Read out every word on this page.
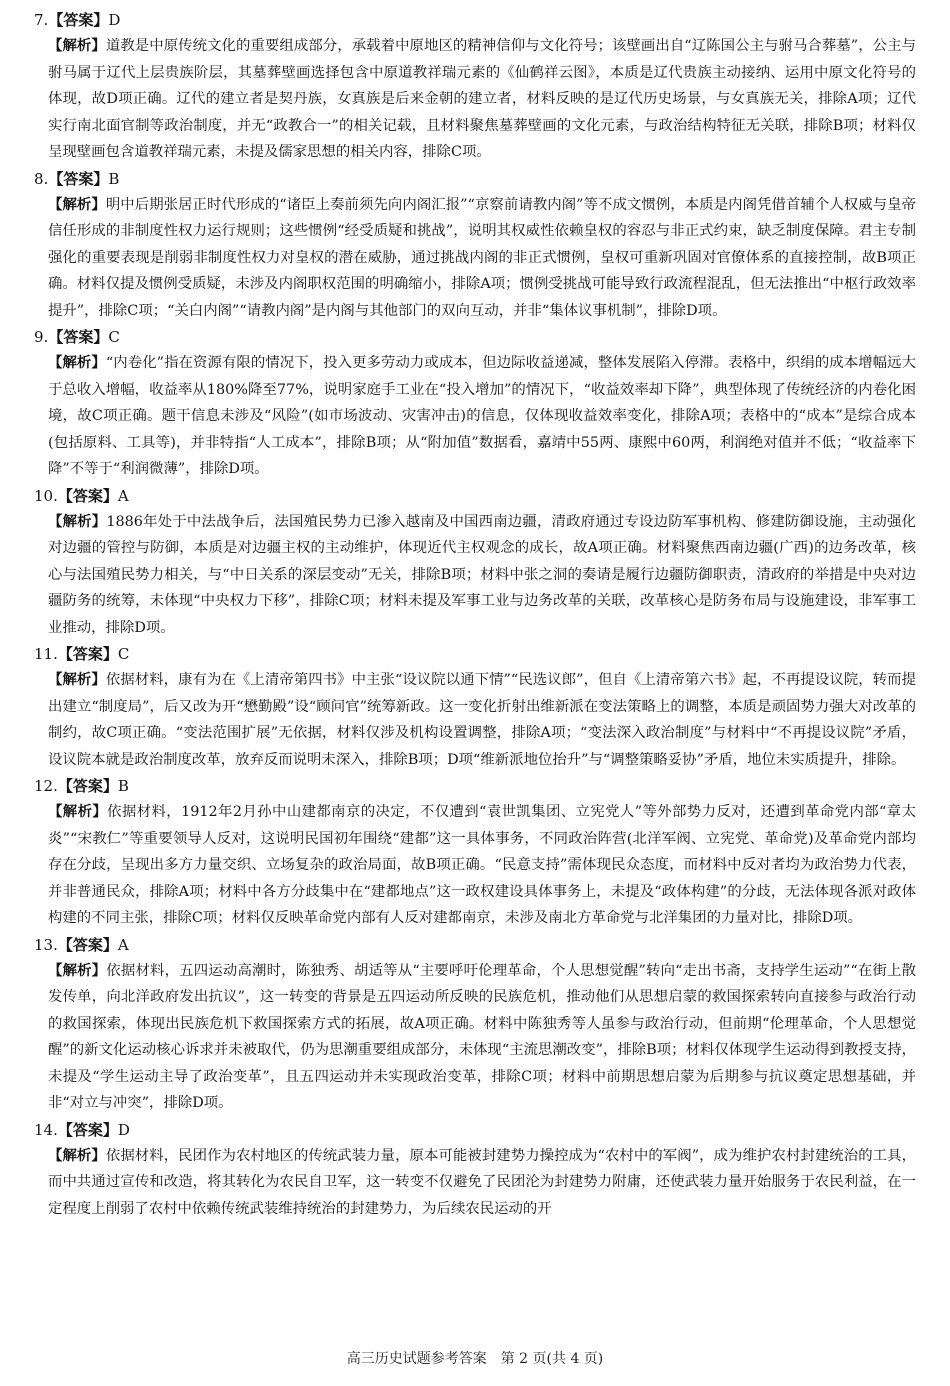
7.【答案】D
【解析】道教是中原传统文化的重要组成部分，承载着中原地区的精神信仰与文化符号；该壁画出自“辽陈国公主与驸马合葬墓”，公主与驸马属于辽代上层贵族阶层，其墓葬壁画选择包含中原道教祥瑞元素的《仙鹤祥云图》，本质是辽代贵族主动接纳、运用中原文化符号的体现，故D项正确。辽代的建立者是契丹族，女真族是后来金朝的建立者，材料反映的是辽代历史场景，与女真族无关，排除A项；辽代实行南北面官制等政治制度，并无“政教合一”的相关记载，且材料聚焦墓葬壁画的文化元素，与政治结构特征无关联，排除B项；材料仅呈现壁画包含道教祥瑞元素，未提及儒家思想的相关内容，排除C项。
8.【答案】B
【解析】明中后期张居正时代形成的“诸臣上奏前须先向内阁汇报”“京察前请教内阁”等不成文惯例，本质是内阁凭借首辅个人权威与皇帝信任形成的非制度性权力运行规则；这些惯例“经受质疑和挑战”，说明其权威性依赖皇权的容忍与非正式约束，缺乏制度保障。君主专制强化的重要表现是削弱非制度性权力对皇权的潜在威胁，通过挑战内阁的非正式惯例，皇权可重新巩固对官僚体系的直接控制，故B项正确。材料仅提及惯例受质疑，未涉及内阁职权范围的明确缩小，排除A项；惯例受挑战可能导致行政流程混乱，但无法推出“中枢行政效率提升”，排除C项；“关白内阁”“请教内阁”是内阁与其他部门的双向互动，并非“集体议事机制”，排除D项。
9.【答案】C
【解析】“内卷化”指在资源有限的情况下，投入更多劳动力或成本，但边际收益递减，整体发展陷入停滞。表格中，织绢的成本增幅远大于总收入增幅，收益率从180%降至77%，说明家庭手工业在“投入增加”的情况下，“收益效率却下降”，典型体现了传统经济的内卷化困境，故C项正确。题干信息未涉及“风险”(如市场波动、灾害冲击)的信息，仅体现收益效率变化，排除A项；表格中的“成本”是综合成本(包括原料、工具等)，并非特指“人工成本”，排除B项；从“附加值”数据看，嘉靖中55两、康熙中60两，利润绝对值并不低；“收益率下降”不等于“利润微薄”，排除D项。
10.【答案】A
【解析】1886年处于中法战争后，法国殖民势力已渗入越南及中国西南边疆，清政府通过专设边防军事机构、修建防御设施，主动强化对边疆的管控与防御，本质是对边疆主权的主动维护，体现近代主权观念的成长，故A项正确。材料聚焦西南边疆(广西)的边务改革，核心与法国殖民势力相关，与“中日关系的深层变动”无关，排除B项；材料中张之洞的奏请是履行边疆防御职责，清政府的举措是中央对边疆防务的统筹，未体现“中央权力下移”，排除C项；材料未提及军事工业与边务改革的关联，改革核心是防务布局与设施建设，非军事工业推动，排除D项。
11.【答案】C
【解析】依据材料，康有为在《上清帝第四书》中主张“设议院以通下情”“民选议郎”，但自《上清帝第六书》起，不再提设议院，转而提出建立“制度局”，后又改为开“懋勤殿”设“顾问官”统筹新政。这一变化折射出维新派在变法策略上的调整，本质是顽固势力强大对改革的制约，故C项正确。“变法范围扩展”无依据，材料仅涉及机构设置调整，排除A项；“变法深入政治制度”与材料中“不再提设议院”矛盾，设议院本就是政治制度改革，放弃反而说明未深入，排除B项；D项“维新派地位抬升”与“调整策略妥协”矛盾，地位未实质提升，排除。
12.【答案】B
【解析】依据材料，1912年2月孙中山建都南京的决定，不仅遭到“袁世凯集团、立宪党人”等外部势力反对，还遭到革命党内部“章太炎”“宋教仁”等重要领导人反对，这说明民国初年围绕“建都”这一具体事务，不同政治阵营(北洋军阀、立宪党、革命党)及革命党内部均存在分歧，呈现出多方力量交织、立场复杂的政治局面，故B项正确。“民意支持”需体现民众态度，而材料中反对者均为政治势力代表，并非普通民众，排除A项；材料中各方分歧集中在“建都地点”这一政权建设具体事务上，未提及“政体构建”的分歧，无法体现各派对政体构建的不同主张，排除C项；材料仅反映革命党内部有人反对建都南京，未涉及南北方革命党与北洋集团的力量对比，排除D项。
13.【答案】A
【解析】依据材料，五四运动高潮时，陈独秀、胡适等从“主要呼吁伦理革命，个人思想觉醒”转向“走出书斋，支持学生运动”“在街上散发传单，向北洋政府发出抗议”，这一转变的背景是五四运动所反映的民族危机，推动他们从思想启蒙的救国探索转向直接参与政治行动的救国探索，体现出民族危机下救国探索方式的拓展，故A项正确。材料中陈独秀等人虽参与政治行动，但前期“伦理革命，个人思想觉醒”的新文化运动核心诉求并未被取代，仍为思潮重要组成部分，未体现“主流思潮改变”，排除B项；材料仅体现学生运动得到教授支持，未提及“学生运动主导了政治变革”，且五四运动并未实现政治变革，排除C项；材料中前期思想启蒙为后期参与抗议奠定思想基础，并非“对立与冲突”，排除D项。
14.【答案】D
【解析】依据材料，民团作为农村地区的传统武装力量，原本可能被封建势力操控成为“农村中的军阀”，成为维护农村封建统治的工具，而中共通过宣传和改造，将其转化为农民自卫军，这一转变不仅避免了民团沦为封建势力附庸，还使武装力量开始服务于农民利益，在一定程度上削弱了农村中依赖传统武装维持统治的封建势力，为后续农民运动的开
高三历史试题参考答案　第 2 页(共 4 页)
